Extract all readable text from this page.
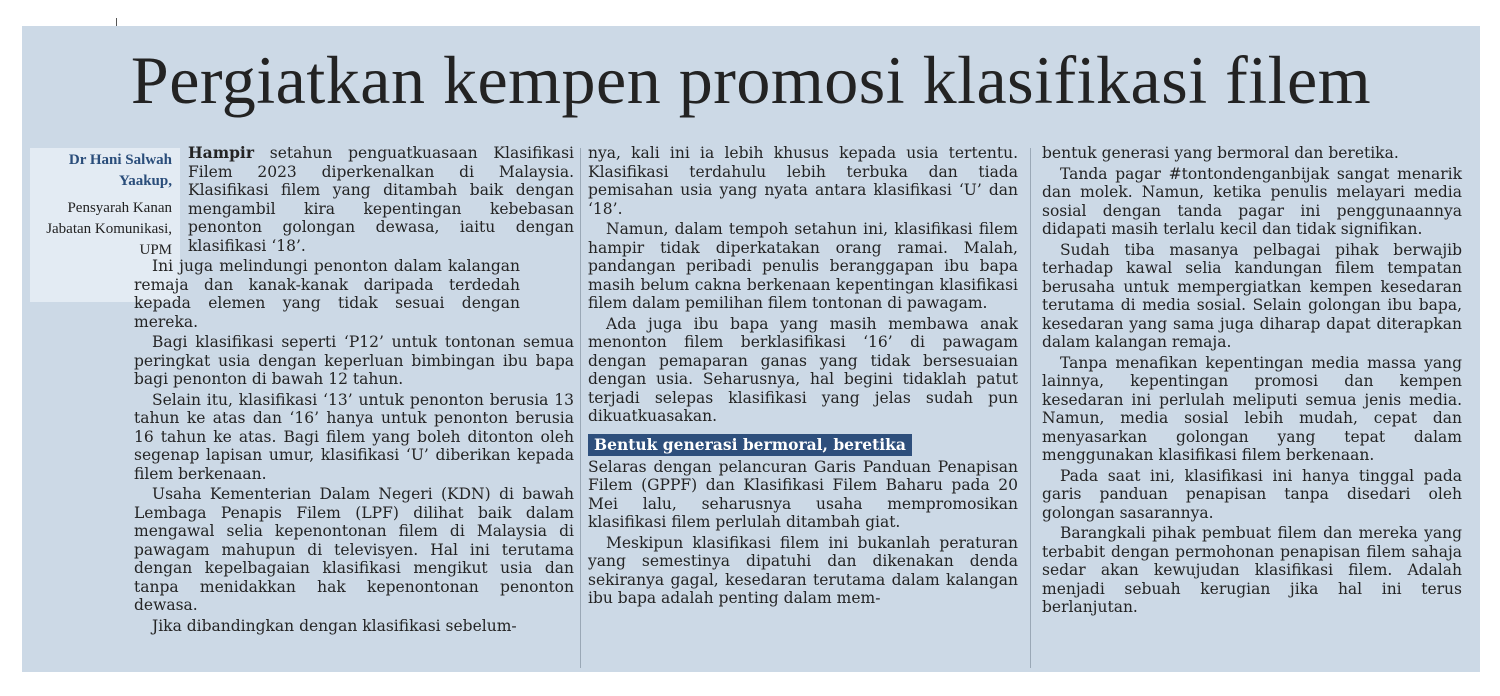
Pergiatkan kempen promosi klasifikasi filem
Dr Hani Salwah Yaakup,
Pensyarah Kanan Jabatan Komunikasi, UPM

Hampir setahun penguatkuasaan Klasifikasi Filem 2023 diperkenalkan di Malaysia. Klasifikasi filem yang ditambah baik dengan mengambil kira kepentingan kebebasan penonton golongan dewasa, iaitu dengan klasifikasi ‘18’.

Ini juga melindungi penonton dalam kalangan remaja dan kanak-kanak daripada terdedah kepada elemen yang tidak sesuai dengan mereka.

Bagi klasifikasi seperti ‘P12’ untuk tontonan semua peringkat usia dengan keperluan bimbingan ibu bapa bagi penonton di bawah 12 tahun.

Selain itu, klasifikasi ‘13’ untuk penonton berusia 13 tahun ke atas dan ‘16’ hanya untuk penonton berusia 16 tahun ke atas. Bagi filem yang boleh ditonton oleh segenap lapisan umur, klasifikasi ‘U’ diberikan kepada filem berkenaan.

Usaha Kementerian Dalam Negeri (KDN) di bawah Lembaga Penapis Filem (LPF) dilihat baik dalam mengawal selia kepenontonan filem di Malaysia di pawagam mahupun di televisyen. Hal ini terutama dengan kepelbagaian klasifikasi mengikut usia dan tanpa menidakkan hak kepenontonan penonton dewasa.

Jika dibandingkan dengan klasifikasi sebelum-

nya, kali ini ia lebih khusus kepada usia tertentu. Klasifikasi terdahulu lebih terbuka dan tiada pemisahan usia yang nyata antara klasifikasi ‘U’ dan ‘18’.

Namun, dalam tempoh setahun ini, klasifikasi filem hampir tidak diperkatakan orang ramai. Malah, pandangan peribadi penulis beranggapan ibu bapa masih belum cakna berkenaan kepentingan klasifikasi filem dalam pemilihan filem tontonan di pawagam.

Ada juga ibu bapa yang masih membawa anak menonton filem berklasifikasi ‘16’ di pawagam dengan pemaparan ganas yang tidak bersesuaian dengan usia. Seharusnya, hal begini tidaklah patut terjadi selepas klasifikasi yang jelas sudah pun dikuatkuasakan.

Bentuk generasi bermoral, beretika

Selaras dengan pelancuran Garis Panduan Penapisan Filem (GPPF) dan Klasifikasi Filem Baharu pada 20 Mei lalu, seharusnya usaha mempromosikan klasifikasi filem perlulah ditambah giat.

Meskipun klasifikasi filem ini bukanlah peraturan yang semestinya dipatuhi dan dikenakan denda sekiranya gagal, kesedaran terutama dalam kalangan ibu bapa adalah penting dalam mem-

bentuk generasi yang bermoral dan beretika.

Tanda pagar #tontondenganbijak sangat menarik dan molek. Namun, ketika penulis melayari media sosial dengan tanda pagar ini penggunaannya didapati masih terlalu kecil dan tidak signifikan.

Sudah tiba masanya pelbagai pihak berwajib terhadap kawal selia kandungan filem tempatan berusaha untuk mempergiatkan kempen kesedaran terutama di media sosial. Selain golongan ibu bapa, kesedaran yang sama juga diharap dapat diterapkan dalam kalangan remaja.

Tanpa menafikan kepentingan media massa yang lainnya, kepentingan promosi dan kempen kesedaran ini perlulah meliputi semua jenis media. Namun, media sosial lebih mudah, cepat dan menyasarkan golongan yang tepat dalam menggunakan klasifikasi filem berkenaan.

Pada saat ini, klasifikasi ini hanya tinggal pada garis panduan penapisan tanpa disedari oleh golongan sasarannya.

Barangkali pihak pembuat filem dan mereka yang terbabit dengan permohonan penapisan filem sahaja sedar akan kewujudan klasifikasi filem. Adalah menjadi sebuah kerugian jika hal ini terus berlanjutan.
